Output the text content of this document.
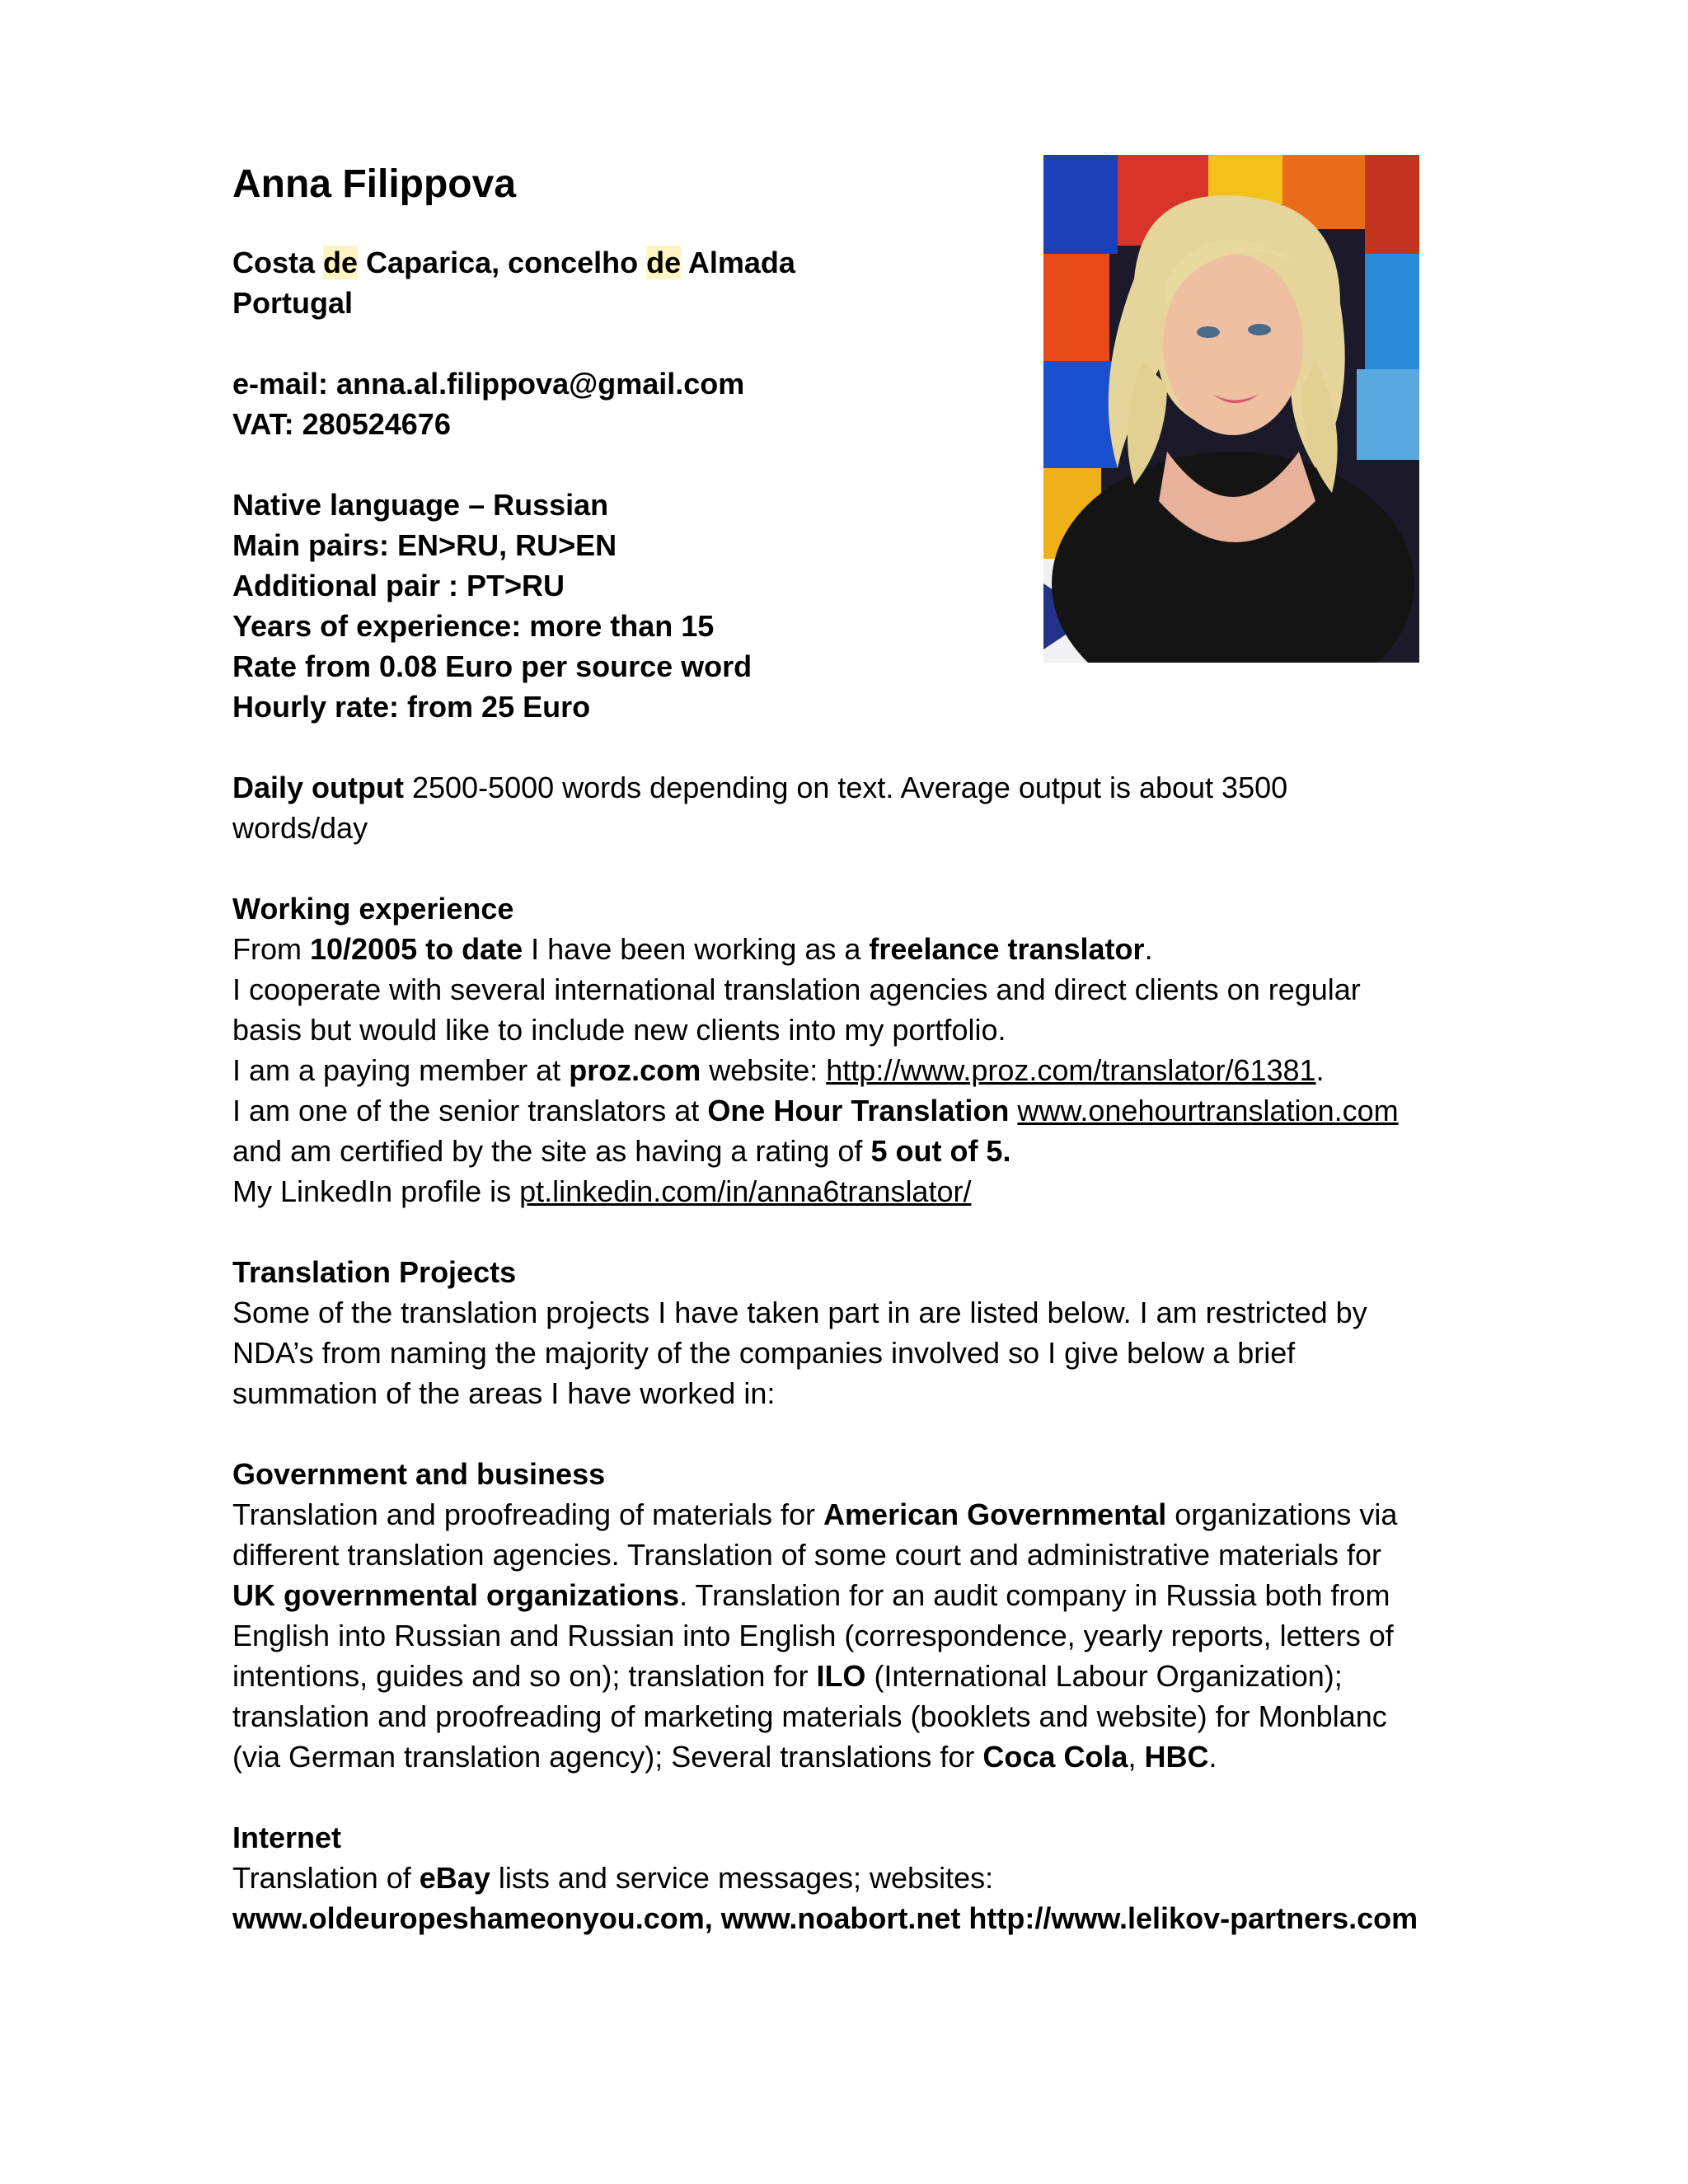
Anna Filippova
Costa de Caparica, concelho de Almada
Portugal
e-mail: anna.al.filippova@gmail.com
VAT: 280524676
Native language – Russian
Main pairs: EN>RU, RU>EN
Additional pair : PT>RU
Years of experience: more than 15
Rate from 0.08 Euro per source word
Hourly rate: from 25 Euro
Daily output 2500-5000 words depending on text. Average output is about 3500
words/day
Working experience
From 10/2005 to date I have been working as a freelance translator.
I cooperate with several international translation agencies and direct clients on regular
basis but would like to include new clients into my portfolio.
I am a paying member at proz.com website: http://www.proz.com/translator/61381.
I am one of the senior translators at One Hour Translation www.onehourtranslation.com
and am certified by the site as having a rating of 5 out of 5.
My LinkedIn profile is pt.linkedin.com/in/anna6translator/
Translation Projects
Some of the translation projects I have taken part in are listed below. I am restricted by
NDA’s from naming the majority of the companies involved so I give below a brief
summation of the areas I have worked in:
Government and business
Translation and proofreading of materials for American Governmental organizations via
different translation agencies. Translation of some court and administrative materials for
UK governmental organizations. Translation for an audit company in Russia both from
English into Russian and Russian into English (correspondence, yearly reports, letters of
intentions, guides and so on); translation for ILO (International Labour Organization);
translation and proofreading of marketing materials (booklets and website) for Monblanc
(via German translation agency); Several translations for Coca Cola, HBC.
Internet
Translation of eBay lists and service messages; websites:
www.oldeuropeshameonyou.com, www.noabort.net http://www.lelikov-partners.com
